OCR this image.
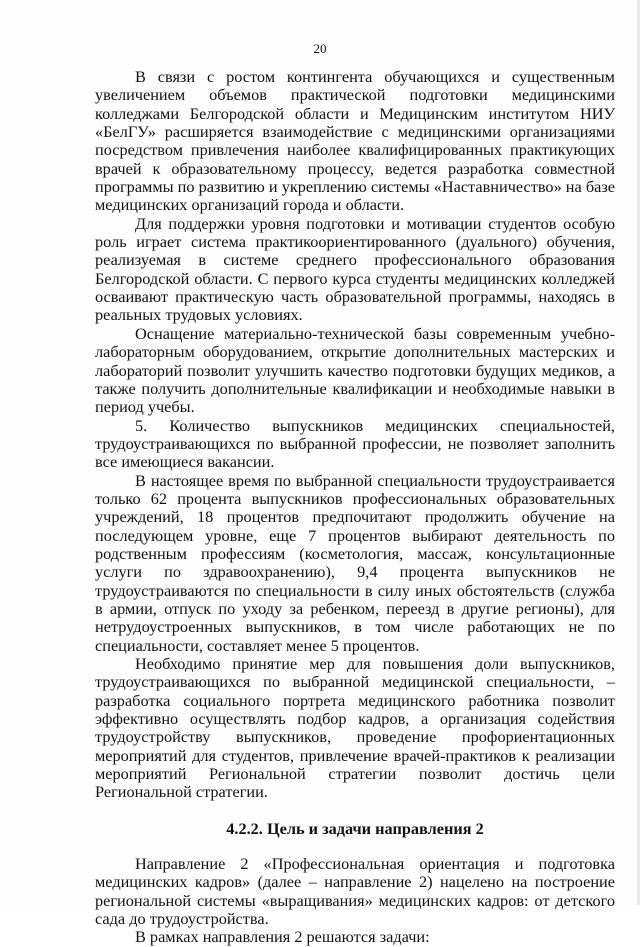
20

В связи с ростом контингента обучающихся и существенным увеличением объемов практической подготовки медицинскими колледжами Белгородской области и Медицинским институтом НИУ «БелГУ» расширяется взаимодействие с медицинскими организациями посредством привлечения наиболее квалифицированных практикующих врачей к образовательному процессу, ведется разработка совместной программы по развитию и укреплению системы «Наставничество» на базе медицинских организаций города и области.

Для поддержки уровня подготовки и мотивации студентов особую роль играет система практикоориентированного (дуального) обучения, реализуемая в системе среднего профессионального образования Белгородской области. С первого курса студенты медицинских колледжей осваивают практическую часть образовательной программы, находясь в реальных трудовых условиях.

Оснащение материально-технической базы современным учебно-лабораторным оборудованием, открытие дополнительных мастерских и лабораторий позволит улучшить качество подготовки будущих медиков, а также получить дополнительные квалификации и необходимые навыки в период учебы.

5. Количество выпускников медицинских специальностей, трудоустраивающихся по выбранной профессии, не позволяет заполнить все имеющиеся вакансии.

В настоящее время по выбранной специальности трудоустраивается только 62 процента выпускников профессиональных образовательных учреждений, 18 процентов предпочитают продолжить обучение на последующем уровне, еще 7 процентов выбирают деятельность по родственным профессиям (косметология, массаж, консультационные услуги по здравоохранению), 9,4 процента выпускников не трудоустраиваются по специальности в силу иных обстоятельств (служба в армии, отпуск по уходу за ребенком, переезд в другие регионы), для нетрудоустроенных выпускников, в том числе работающих не по специальности, составляет менее 5 процентов.

Необходимо принятие мер для повышения доли выпускников, трудоустраивающихся по выбранной медицинской специальности, – разработка социального портрета медицинского работника позволит эффективно осуществлять подбор кадров, а организация содействия трудоустройству выпускников, проведение профориентационных мероприятий для студентов, привлечение врачей-практиков к реализации мероприятий Региональной стратегии позволит достичь цели Региональной стратегии.

4.2.2. Цель и задачи направления 2

Направление 2 «Профессиональная ориентация и подготовка медицинских кадров» (далее – направление 2) нацелено на построение региональной системы «выращивания» медицинских кадров: от детского сада до трудоустройства.

В рамках направления 2 решаются задачи:
